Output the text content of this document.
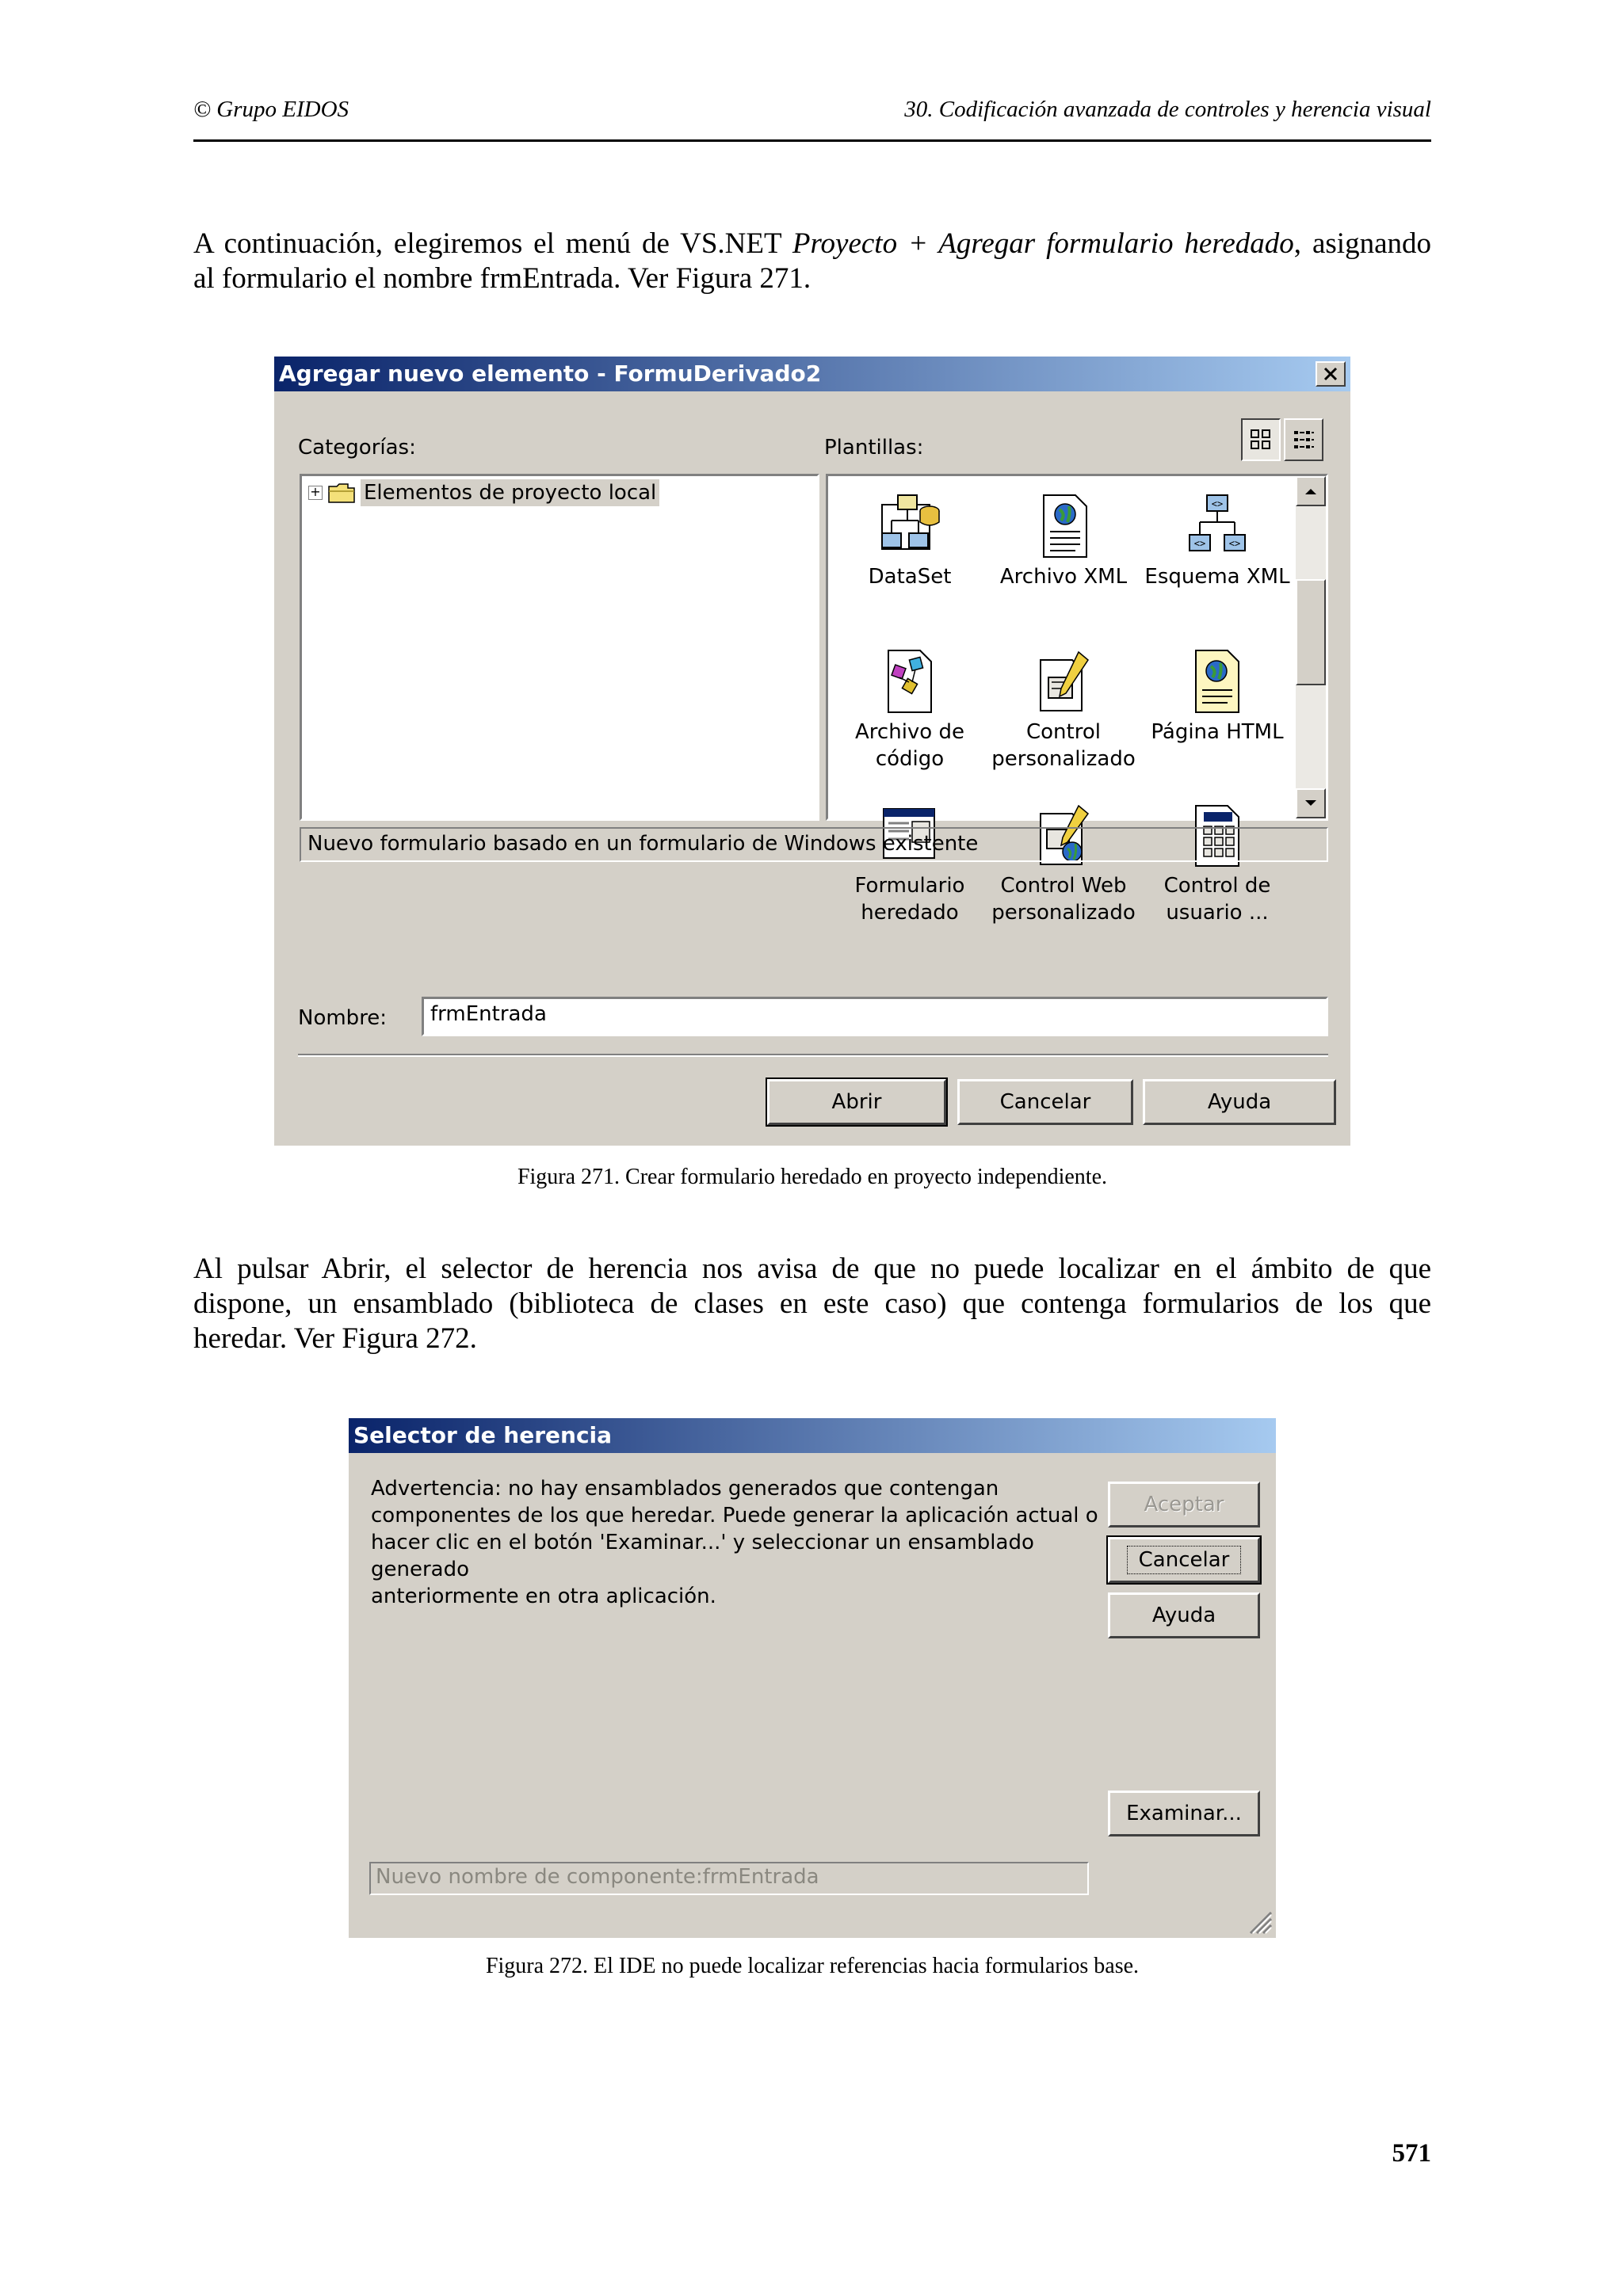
© Grupo EIDOS	30. Codificación avanzada de controles y herencia visual

A continuación, elegiremos el menú de VS.NET Proyecto + Agregar formulario heredado, asignando

al formulario el nombre frmEntrada. Ver Figura 271.

Agregar nuevo elemento - FormuDerivado2
Categorías:	Plantillas:
+ Elementos de proyecto local
DataSet	Archivo XML
<>
<> <>
Esquema XML
Archivo de
código
Control
personalizado
Página HTML
Formulario
heredado
Control Web
personalizado
Control de
usuario ...
Nuevo formulario basado en un formulario de Windows existente
Nombre:	frmEntrada
Abrir	Cancelar	Ayuda
Figura 271. Crear formulario heredado en proyecto independiente.

Al pulsar Abrir, el selector de herencia nos avisa de que no puede localizar en el ámbito de que

dispone, un ensamblado (biblioteca de clases en este caso) que contenga formularios de los que

heredar. Ver Figura 272.

Selector de herencia
Advertencia: no hay ensamblados generados que contengan
componentes de los que heredar. Puede generar la aplicación actual o
hacer clic en el botón 'Examinar...' y seleccionar un ensamblado generado
anteriormente en otra aplicación.
Aceptar
Cancelar
Ayuda
Examinar...
Nuevo nombre de componente:frmEntrada
Figura 272. El IDE no puede localizar referencias hacia formularios base.
571
